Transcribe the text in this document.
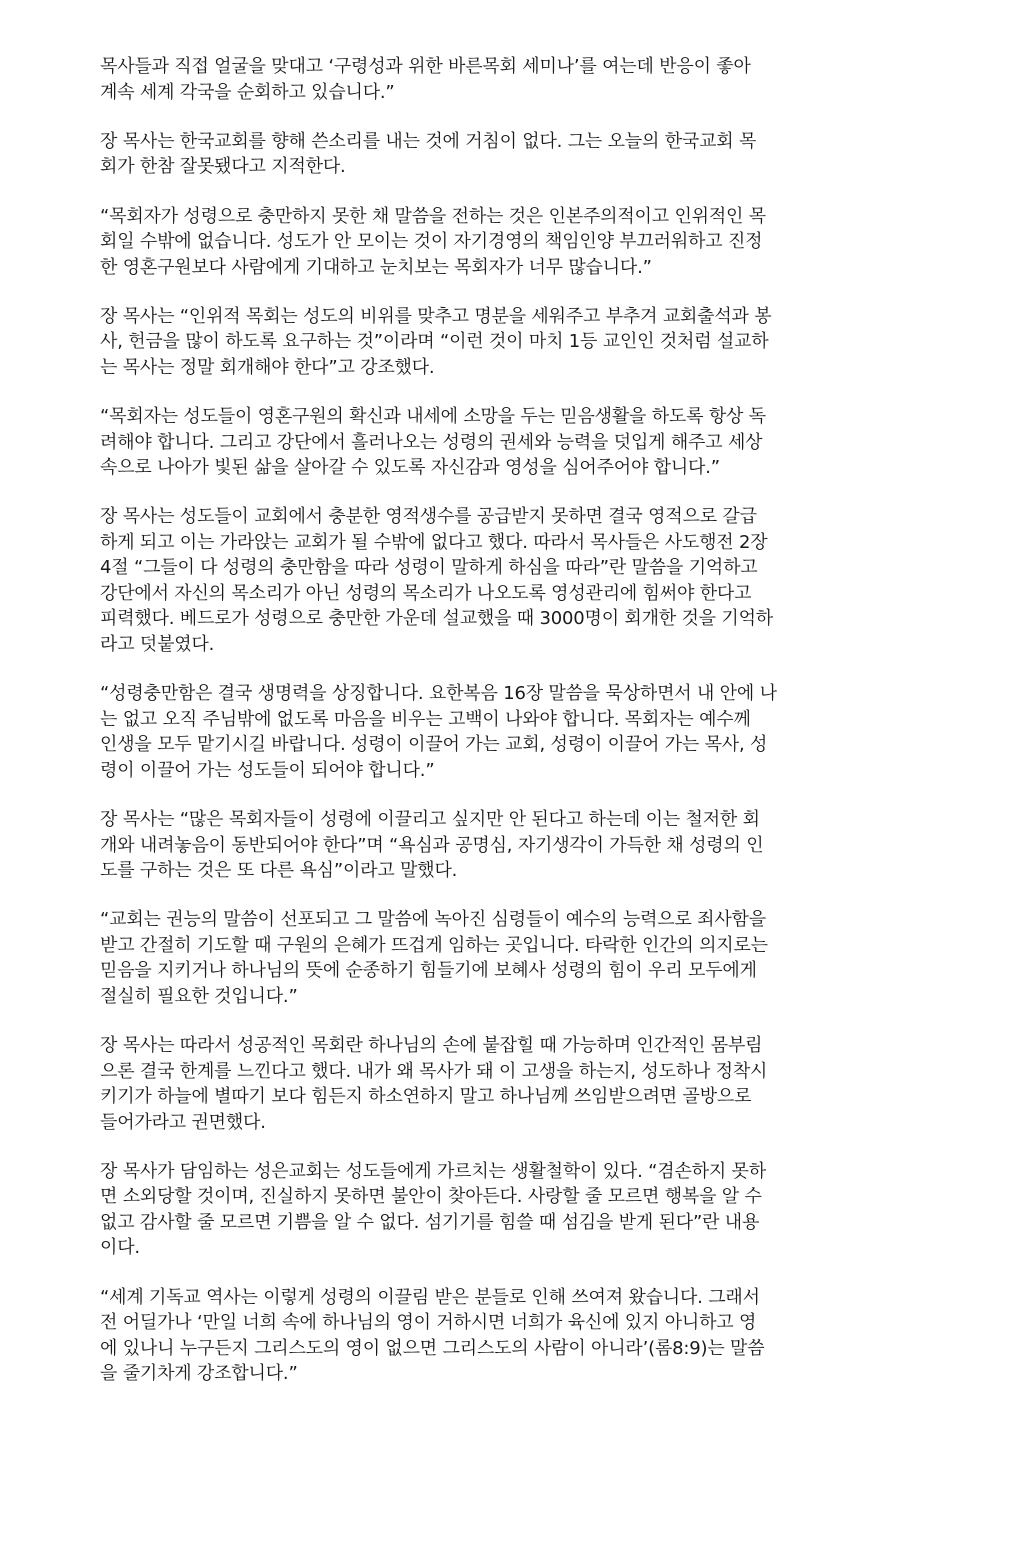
목사들과 직접 얼굴을 맞대고 ‘구령성과 위한 바른목회 세미나’를 여는데 반응이 좋아
계속 세계 각국을 순회하고 있습니다.”
장 목사는 한국교회를 향해 쓴소리를 내는 것에 거침이 없다. 그는 오늘의 한국교회 목
회가 한참 잘못됐다고 지적한다.
“목회자가 성령으로 충만하지 못한 채 말씀을 전하는 것은 인본주의적이고 인위적인 목
회일 수밖에 없습니다. 성도가 안 모이는 것이 자기경영의 책임인양 부끄러워하고 진정
한 영혼구원보다 사람에게 기대하고 눈치보는 목회자가 너무 많습니다.”
장 목사는 “인위적 목회는 성도의 비위를 맞추고 명분을 세워주고 부추겨 교회출석과 봉
사, 헌금을 많이 하도록 요구하는 것”이라며 “이런 것이 마치 1등 교인인 것처럼 설교하
는 목사는 정말 회개해야 한다”고 강조했다.
“목회자는 성도들이 영혼구원의 확신과 내세에 소망을 두는 믿음생활을 하도록 항상 독
려해야 합니다. 그리고 강단에서 흘러나오는 성령의 권세와 능력을 덧입게 해주고 세상
속으로 나아가 빛된 삶을 살아갈 수 있도록 자신감과 영성을 심어주어야 합니다.”
장 목사는 성도들이 교회에서 충분한 영적생수를 공급받지 못하면 결국 영적으로 갈급
하게 되고 이는 가라앉는 교회가 될 수밖에 없다고 했다. 따라서 목사들은 사도행전 2장
4절 “그들이 다 성령의 충만함을 따라 성령이 말하게 하심을 따라”란 말씀을 기억하고
강단에서 자신의 목소리가 아닌 성령의 목소리가 나오도록 영성관리에 힘써야 한다고
피력했다. 베드로가 성령으로 충만한 가운데 설교했을 때 3000명이 회개한 것을 기억하
라고 덧붙였다.
“성령충만함은 결국 생명력을 상징합니다. 요한복음 16장 말씀을 묵상하면서 내 안에 나
는 없고 오직 주님밖에 없도록 마음을 비우는 고백이 나와야 합니다. 목회자는 예수께
인생을 모두 맡기시길 바랍니다. 성령이 이끌어 가는 교회, 성령이 이끌어 가는 목사, 성
령이 이끌어 가는 성도들이 되어야 합니다.”
장 목사는 “많은 목회자들이 성령에 이끌리고 싶지만 안 된다고 하는데 이는 철저한 회
개와 내려놓음이 동반되어야 한다”며 “욕심과 공명심, 자기생각이 가득한 채 성령의 인
도를 구하는 것은 또 다른 욕심”이라고 말했다.
“교회는 권능의 말씀이 선포되고 그 말씀에 녹아진 심령들이 예수의 능력으로 죄사함을
받고 간절히 기도할 때 구원의 은혜가 뜨겁게 임하는 곳입니다. 타락한 인간의 의지로는
믿음을 지키거나 하나님의 뜻에 순종하기 힘들기에 보혜사 성령의 힘이 우리 모두에게
절실히 필요한 것입니다.”
장 목사는 따라서 성공적인 목회란 하나님의 손에 붙잡힐 때 가능하며 인간적인 몸부림
으론 결국 한계를 느낀다고 했다. 내가 왜 목사가 돼 이 고생을 하는지, 성도하나 정착시
키기가 하늘에 별따기 보다 힘든지 하소연하지 말고 하나님께 쓰임받으려면 골방으로
들어가라고 권면했다.
장 목사가 담임하는 성은교회는 성도들에게 가르치는 생활철학이 있다. “겸손하지 못하
면 소외당할 것이며, 진실하지 못하면 불안이 찾아든다. 사랑할 줄 모르면 행복을 알 수
없고 감사할 줄 모르면 기쁨을 알 수 없다. 섬기기를 힘쓸 때 섬김을 받게 된다”란 내용
이다.
“세계 기독교 역사는 이렇게 성령의 이끌림 받은 분들로 인해 쓰여져 왔습니다. 그래서
전 어딜가나 ‘만일 너희 속에 하나님의 영이 거하시면 너희가 육신에 있지 아니하고 영
에 있나니 누구든지 그리스도의 영이 없으면 그리스도의 사람이 아니라’(롬8:9)는 말씀
을 줄기차게 강조합니다.”
